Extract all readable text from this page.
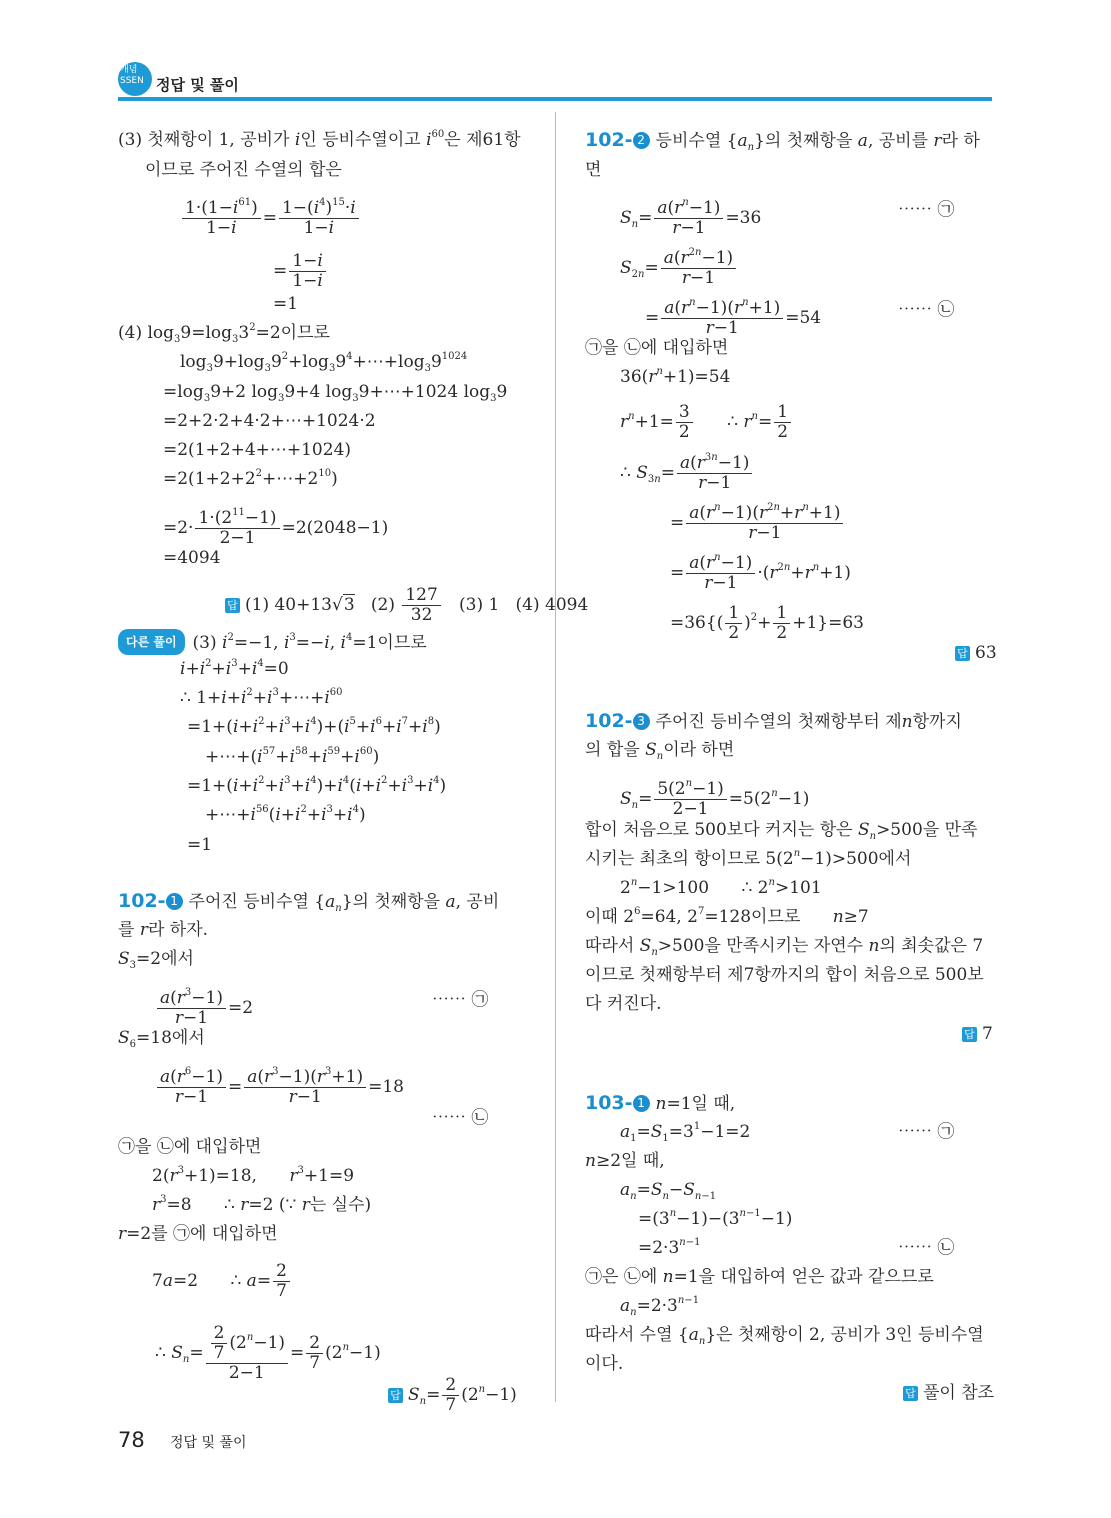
개념
SSEN 정답 및 풀이
(3) 첫째항이 1, 공비가 i인 등비수열이고 $i^{60}$은 제61항
이므로 주어진 수열의 합은
$\frac{1\cdot(1-i^{61})}{1-i} = \frac{1-(i^4)^{15}\cdot i}{1-i}$
= $\frac{1-i}{1-i}$
=1
(4) $\log_39=\log_33^2=2$이므로
$\log_39+\log_39^2+\log_39^4+\cdots+\log_39^{1024}$
$=\log_39+2$ $\log_39+4$ $\log_39+\cdots+1024$ $\log_39$
=2+2·2+4·2+⋯+1024·2
=2(1+2+4+⋯+1024)
$=2(1+2+2^2+\cdots+2^{10})$
$=2\cdot \frac{1\cdot(2^{11}-1)}{2-1} =2(2048-1)$
=4094
답 (1) 40+13√3   $(2) \frac{127}{32} (3)$ 1   (4) 4094
다른 풀이 (3) $i^2=-1$, $i^3=-i$, $i^4=1$이므로
$i+i^2+i^3+i^4=0$
∴ $1+i+i^2+i^3+\cdots+i^{60}$
$=1+(i+i^2+i^3+i^4)+(i^5+i^6+i^7+i^8)$
$+\cdots+(i^{57}+i^{58}+i^{59}+i^{60})$
$=1+(i+i^2+i^3+i^4)+i^4(i+i^2+i^3+i^4)$
$+\cdots+i^{56}(i+i^2+i^3+i^4)$
=1
102- 1 주어진 등비수열 $\{a_n\}$의 첫째항을 a, 공비
를 r라 하자.
$S_3=2$에서
$\frac{a(r^3-1)}{r-1} =2$	⋯⋯ ㉠
$S_6=18$에서
$\frac{a(r^6-1)}{r-1} = \frac{a(r^3-1)(r^3+1)}{r-1} =18$
⋯⋯ ㉡
㉠을 ㉡에 대입하면
$2(r^3+1)=18$,      $r^3+1=9$
$r^3=8$      ∴ r=2 (∵ r는 실수)
r=2를 ㉠에 대입하면
7a=2      ∴ $a= \frac{2}{7}$
∴ $S_n= \frac{\frac{2}{7} (2^n-1)}{2-1} = \frac{2}{7} (2^n-1)$
답 $S_n= \frac{2}{7} (2^n-1)$
102- 2 등비수열 $\{a_n\}$의 첫째항을 a, 공비를 r라 하
면
$S_n= \frac{a(r^n-1)}{r-1} =36$	⋯⋯ ㉠
$S_{2n}= \frac{a(r^{2n}-1)}{r-1}$
= $\frac{a(r^n-1)(r^n+1)}{r-1} =54$	⋯⋯ ㉡
㉠을 ㉡에 대입하면
$36(r^n+1)=54$
$r^n+1= \frac{3}{2}$ ∴ $r^n= \frac{1}{2}$
∴ $S_{3n}= \frac{a(r^{3n}-1)}{r-1}$
= $\frac{a(r^n-1)(r^{2n}+r^n+1)}{r-1}$
= $\frac{a(r^n-1)}{r-1} \cdot(r^{2n}+r^n+1)$
$=36\{( \frac{1}{2} )^2+ \frac{1}{2} +1\}=63$
답 63
102- 3 주어진 등비수열의 첫째항부터 제n항까지
의 합을 $S_n$이라 하면
$S_n= \frac{5(2^n-1)}{2-1} =5(2^n-1)$
합이 처음으로 500보다 커지는 항은 $S_n>500$을 만족
시키는 최초의 항이므로 $5(2^n-1)>500$에서
$2^n-1>100$      ∴ $2^n>101$
이때 $2^6=64$, $2^7=128$이므로      n≥7
따라서 $S_n>500$을 만족시키는 자연수 n의 최솟값은 7
이므로 첫째항부터 제7항까지의 합이 처음으로 500보
다 커진다.
답 7
103- 1 n=1일 때,
$a_1=S_1=3^1-1=2$	⋯⋯ ㉠
n≥2일 때,
$a_n=S_n-S_{n-1}$
$=(3^n-1)-(3^{n-1}-1)$
$=2\cdot 3^{n-1}$	⋯⋯ ㉡
㉠은 ㉡에 n=1을 대입하여 얻은 값과 같으므로
$a_n=2\cdot 3^{n-1}$
따라서 수열 $\{a_n\}$은 첫째항이 2, 공비가 3인 등비수열
이다.
답 풀이 참조
78 정답 및 풀이
